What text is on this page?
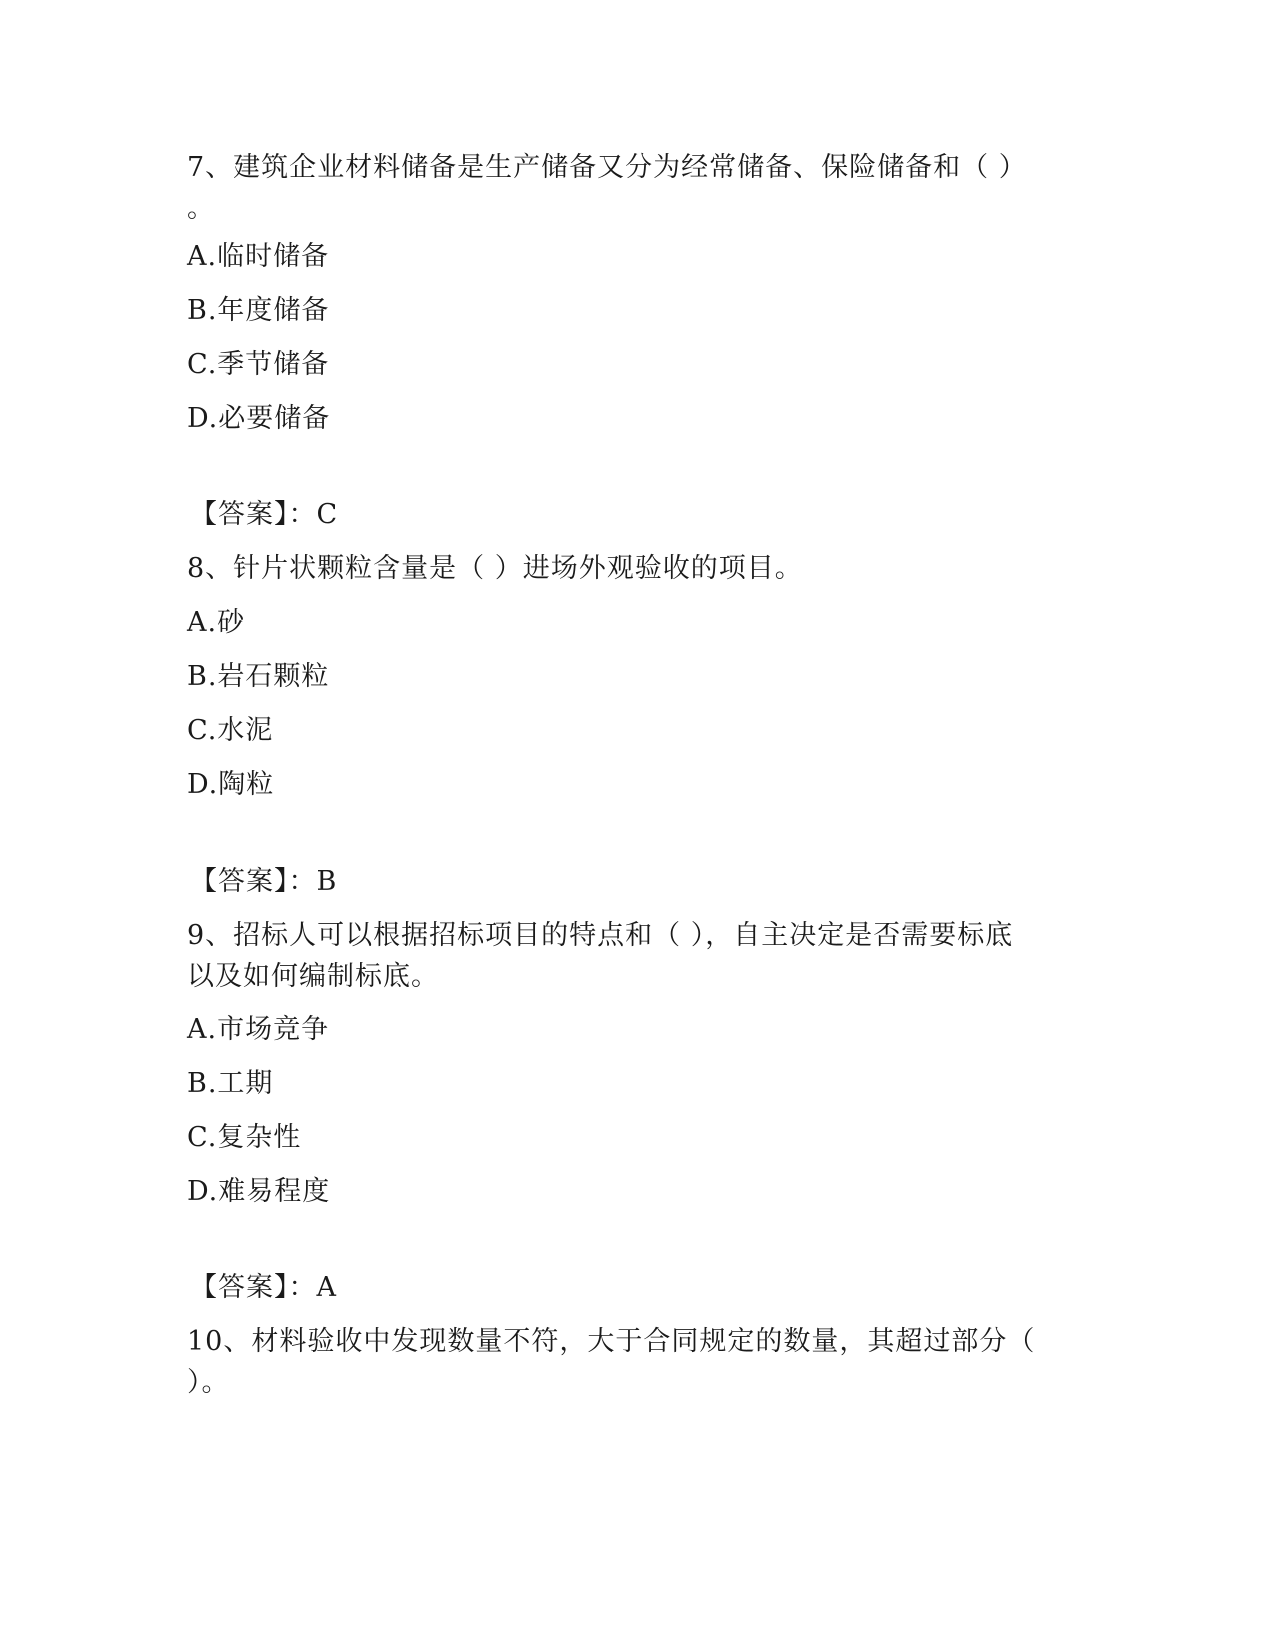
7、建筑企业材料储备是生产储备又分为经常储备、保险储备和（ ）
。
A.临时储备
B.年度储备
C.季节储备
D.必要储备
【答案】：C
8、针片状颗粒含量是（ ）进场外观验收的项目。
A.砂
B.岩石颗粒
C.水泥
D.陶粒
【答案】：B
9、招标人可以根据招标项目的特点和（ ），自主决定是否需要标底
以及如何编制标底。
A.市场竞争
B.工期
C.复杂性
D.难易程度
【答案】：A
10、材料验收中发现数量不符，大于合同规定的数量，其超过部分（
）。
